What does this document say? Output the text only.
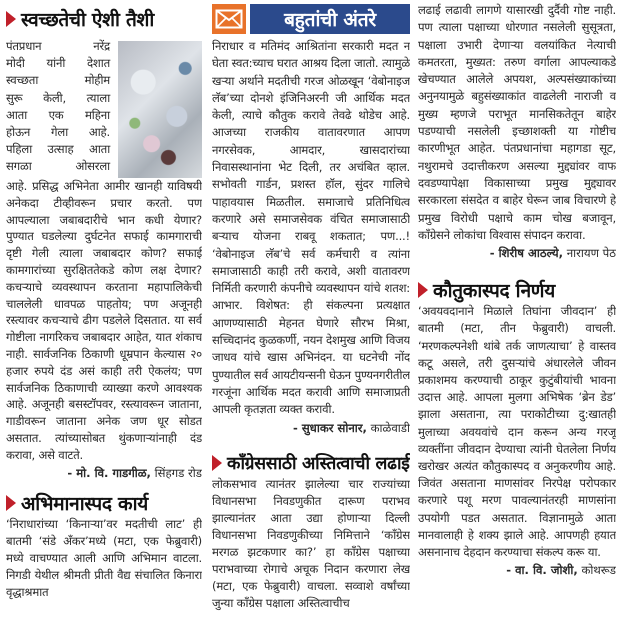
स्वच्छतेची ऐशी तैशी

पंतप्रधान नरेंद्र
मोदी यांनी देशात
स्वच्छता मोहीम
सुरू केली, त्याला
आता एक महिना
होऊन गेला आहे.
पहिला उत्साह आता
सगळा ओसरला

आहे. प्रसिद्ध अभिनेता आमीर खानही याविषयी अनेकदा टीव्हीवरून प्रचार करतो. पण आपल्याला जबाबदारीचे भान कधी येणार? पुण्यात घडलेल्या दुर्घटनेत सफाई कामगाराची दृष्टी गेली त्याला जबाबदार कोण? सफाई कामगारांच्या सुरक्षिततेकडे कोण लक्ष देणार? कचऱ्याचे व्यवस्थापन करताना महापालिकेची चाललेली धावपळ पाहतोय; पण अजूनही रस्त्यावर कचऱ्याचे ढीग पडलेले दिसतात. या सर्व गोष्टीला नागरिकच जबाबदार आहेत, यात शंकाच नाही. सार्वजनिक ठिकाणी धूम्रपान केल्यास २० हजार रुपये दंड असं काही तरी ऐकलंय; पण सार्वजनिक ठिकाणाची व्याख्या करणे आवश्यक आहे. अजूनही बसस्टॉपवर, रस्त्यावरून जाताना, गाडीवरून जाताना अनेक जण धूर सोडत असतात. त्यांच्यासोबत थुंकणाऱ्यांनाही दंड करावा, असे वाटते.

- मो. वि. गाडगीळ, सिंहगड रोड

अभिमानास्पद कार्य

‘निराधारांच्या ‘किनाऱ्या’वर मदतीची लाट’ ही बातमी ‘संडे अँकर’मध्ये (मटा, एक फेब्रुवारी) मध्ये वाचण्यात आली आणि अभिमान वाटला. निगडी येथील श्रीमती प्रीती वैद्य संचालित किनारा वृद्धाश्रमात

बहुतांची अंतरे

निराधार व मतिमंद आश्रितांना सरकारी मदत न घेता स्वत:च्याच घरात आश्रय दिला जातो. त्यामुळे खऱ्या अर्थाने मदतीची गरज ओळखून ‘वेबोनाइज लॅब’च्या दोनशे इंजिनिअरनी जी आर्थिक मदत केली, त्याचे कौतुक करावे तेवढे थोडेच आहे. आजच्या राजकीय वातावरणात आपण नगरसेवक, आमदार, खासदारांच्या निवासस्थानांना भेट दिली, तर अचंबित व्हाल. सभोवती गार्डन, प्रशस्त हॉल, सुंदर गालिचे पाहावयास मिळतील. समाजाचे प्रतिनिधित्व करणारे असे समाजसेवक वंचित समाजासाठी बऱ्याच योजना राबवू शकतात; पण...! ‘वेबोनाइज लॅब’चे सर्व कर्मचारी व त्यांना समाजासाठी काही तरी करावे, अशी वातावरण निर्मिती करणारी कंपनीचे व्यवस्थापन यांचे शतश: आभार. विशेषत: ही संकल्पना प्रत्यक्षात आणण्यासाठी मेहनत घेणारे सौरभ मिश्रा, सच्चिदानंद कुळकर्णी, नयन देशमुख आणि विजय जाधव यांचे खास अभिनंदन. या घटनेची नोंद पुण्यातील सर्व आयटीयन्सनी घेऊन पुण्यनगरीतील गरजूंना आर्थिक मदत करावी आणि समाजाप्रती आपली कृतज्ञता व्यक्त करावी.

- सुधाकर सोनार, काळेवाडी

काँग्रेससाठी अस्तित्वाची लढाई

लोकसभाव त्यानंतर झालेल्या चार राज्यांच्या विधानसभा निवडणुकीत दारूण पराभव झाल्यानंतर आता उद्या होणाऱ्या दिल्ली विधानसभा निवडणुकीच्या निमित्ताने ‘काँग्रेस मरगळ झटकणार का?’ हा काँग्रेस पक्षाच्या पराभवाच्या रोगाचे अचूक निदान करणारा लेख (मटा, एक फेब्रुवारी) वाचला. सव्वाशे वर्षांच्या जुन्या काँग्रेस पक्षाला अस्तित्वाचीच

लढाई लढावी लागणे यासारखी दुर्दैवी गोष्ट नाही. पण त्याला पक्षाच्या धोरणात नसलेली सुसूत्रता, पक्षाला उभारी देणाऱ्या वलयांकित नेत्याची कमतरता, मुख्यत: तरुण वर्गाला आपल्याकडे खेचण्यात आलेले अपयश, अल्पसंख्याकांच्या अनुनयामुळे बहुसंख्याकांत वाढलेली नाराजी व मुख्य म्हणजे पराभूत मानसिकतेतून बाहेर पडण्याची नसलेली इच्छाशक्ती या गोष्टीच कारणीभूत आहेत. पंतप्रधानांचा महागडा सूट, नथुरामचे उदात्तीकरण असल्या मुद्द्यांवर वाफ दवडण्यापेक्षा विकासाच्या प्रमुख मुद्द्यावर सरकारला संसदेत व बाहेर घेरून जाब विचारणे हे प्रमुख विरोधी पक्षाचे काम चोख बजावून, काँग्रेसने लोकांचा विश्वास संपादन करावा.

- शिरीष आठल्ये, नारायण पेठ

कौतुकास्पद निर्णय

‘अवयवदानाने मिळाले तिघांना जीवदान’ ही बातमी (मटा, तीन फेब्रुवारी) वाचली. ‘मरणकल्पनेशी थांबे तर्क जाणत्याचा’ हे वास्तव कटू असले, तरी दुसऱ्यांचे अंधारलेले जीवन प्रकाशमय करण्याची ठाकूर कुटुंबीयांची भावना उदात्त आहे. आपला मुलगा अभिषेक ‘ब्रेन डेड’ झाला असताना, त्या पराकोटीच्या दु:खातही मुलाच्या अवयवांचे दान करून अन्य गरजू व्यक्तींना जीवदान देण्याचा त्यांनी घेतलेला निर्णय खरोखर अत्यंत कौतुकास्पद व अनुकरणीय आहे. जिवंत असताना माणसांवर निरपेक्ष परोपकार करणारे पशू मरण पावल्यानंतरही माणसांना उपयोगी पडत असतात. विज्ञानामुळे आता मानवालाही हे शक्य झाले आहे. आपणही हयात असनानाच देहदान करण्याचा संकल्प करू या.

- वा. वि. जोशी, कोथरूड
